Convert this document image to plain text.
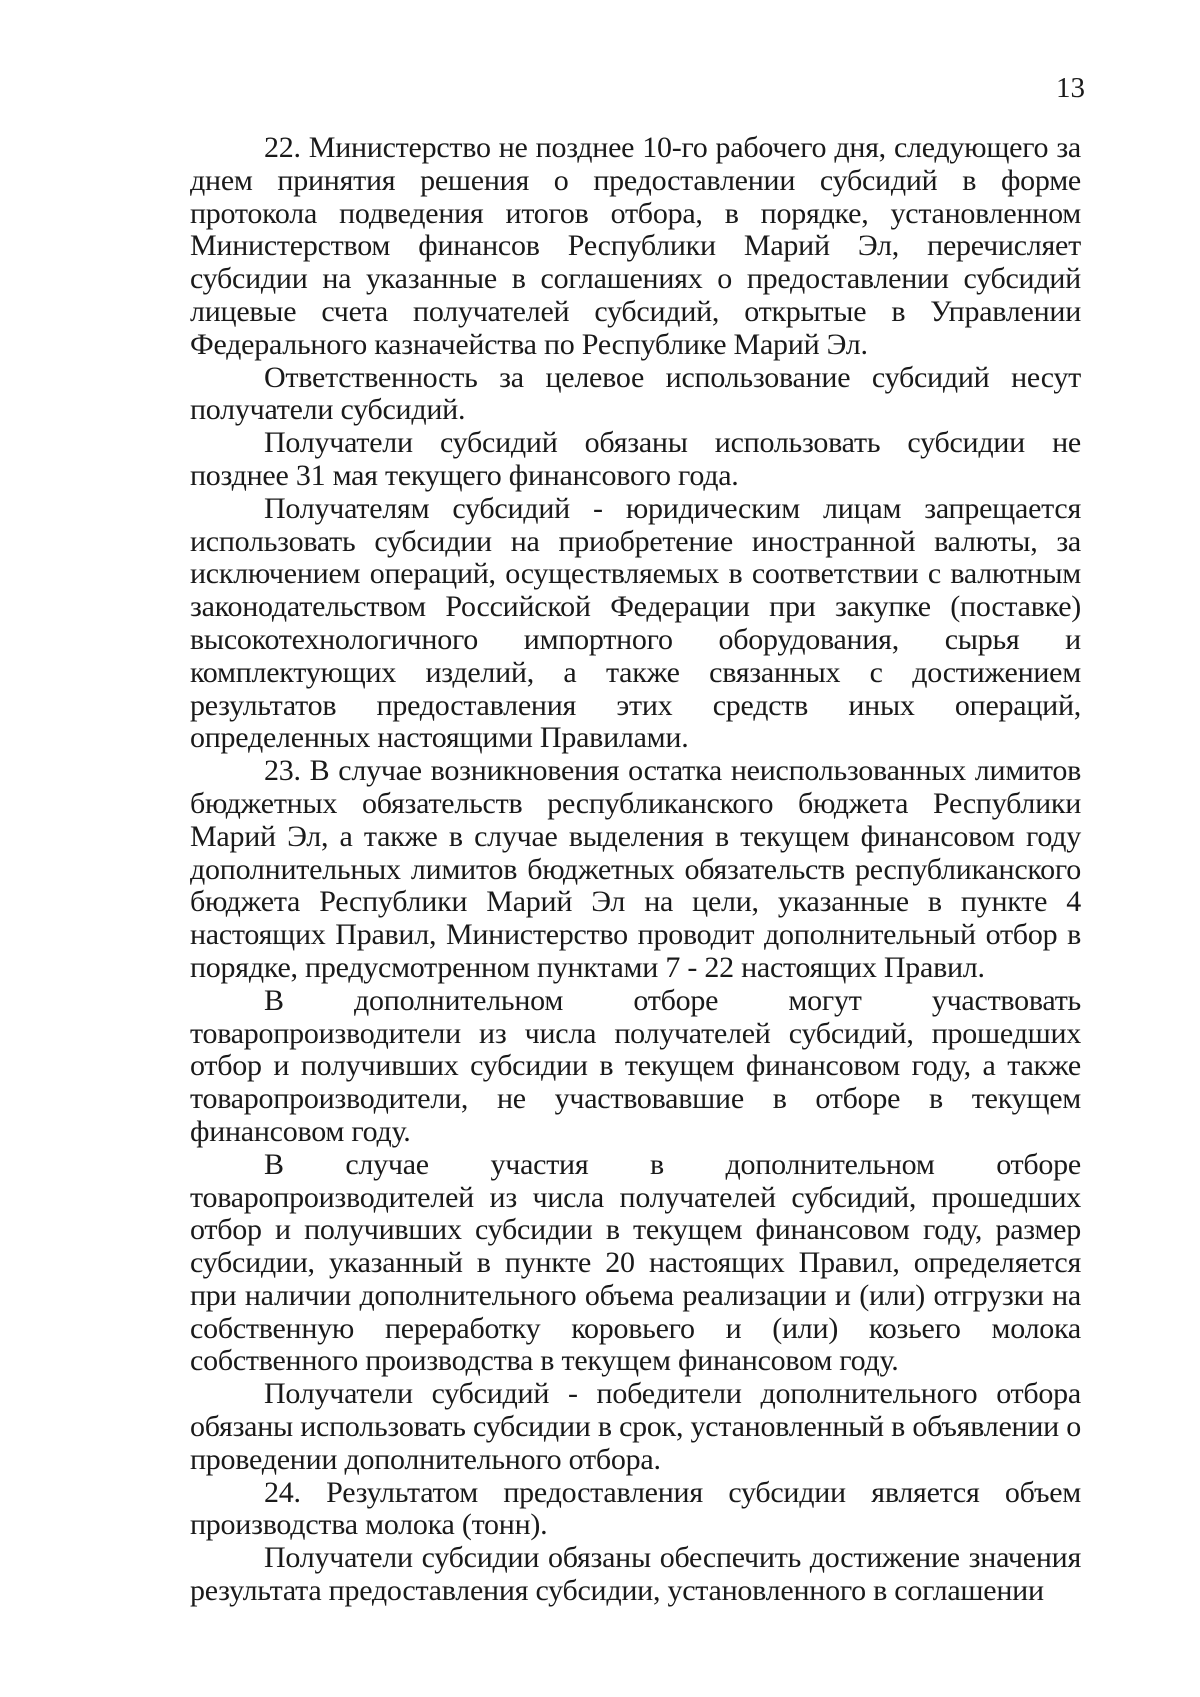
13

22. Министерство не позднее 10-го рабочего дня, следующего за днем принятия решения о предоставлении субсидий в форме протокола подведения итогов отбора, в порядке, установленном Министерством финансов Республики Марий Эл, перечисляет субсидии на указанные в соглашениях о предоставлении субсидий лицевые счета получателей субсидий, открытые в Управлении Федерального казначейства по Республике Марий Эл.

Ответственность за целевое использование субсидий несут получатели субсидий.

Получатели субсидий обязаны использовать субсидии не позднее 31 мая текущего финансового года.

Получателям субсидий - юридическим лицам запрещается использовать субсидии на приобретение иностранной валюты, за исключением операций, осуществляемых в соответствии с валютным законодательством Российской Федерации при закупке (поставке) высокотехнологичного импортного оборудования, сырья и комплектующих изделий, а также связанных с достижением результатов предоставления этих средств иных операций, определенных настоящими Правилами.

23. В случае возникновения остатка неиспользованных лимитов бюджетных обязательств республиканского бюджета Республики Марий Эл, а также в случае выделения в текущем финансовом году дополнительных лимитов бюджетных обязательств республиканского бюджета Республики Марий Эл на цели, указанные в пункте 4 настоящих Правил, Министерство проводит дополнительный отбор в порядке, предусмотренном пунктами 7 - 22 настоящих Правил.

В дополнительном отборе могут участвовать товаропроизводители из числа получателей субсидий, прошедших отбор и получивших субсидии в текущем финансовом году, а также товаропроизводители, не участвовавшие в отборе в текущем финансовом году.

В случае участия в дополнительном отборе товаропроизводителей из числа получателей субсидий, прошедших отбор и получивших субсидии в текущем финансовом году, размер субсидии, указанный в пункте 20 настоящих Правил, определяется при наличии дополнительного объема реализации и (или) отгрузки на собственную переработку коровьего и (или) козьего молока собственного производства в текущем финансовом году.

Получатели субсидий - победители дополнительного отбора обязаны использовать субсидии в срок, установленный в объявлении о проведении дополнительного отбора.

24. Результатом предоставления субсидии является объем производства молока (тонн).

Получатели субсидии обязаны обеспечить достижение значения результата предоставления субсидии, установленного в соглашении
